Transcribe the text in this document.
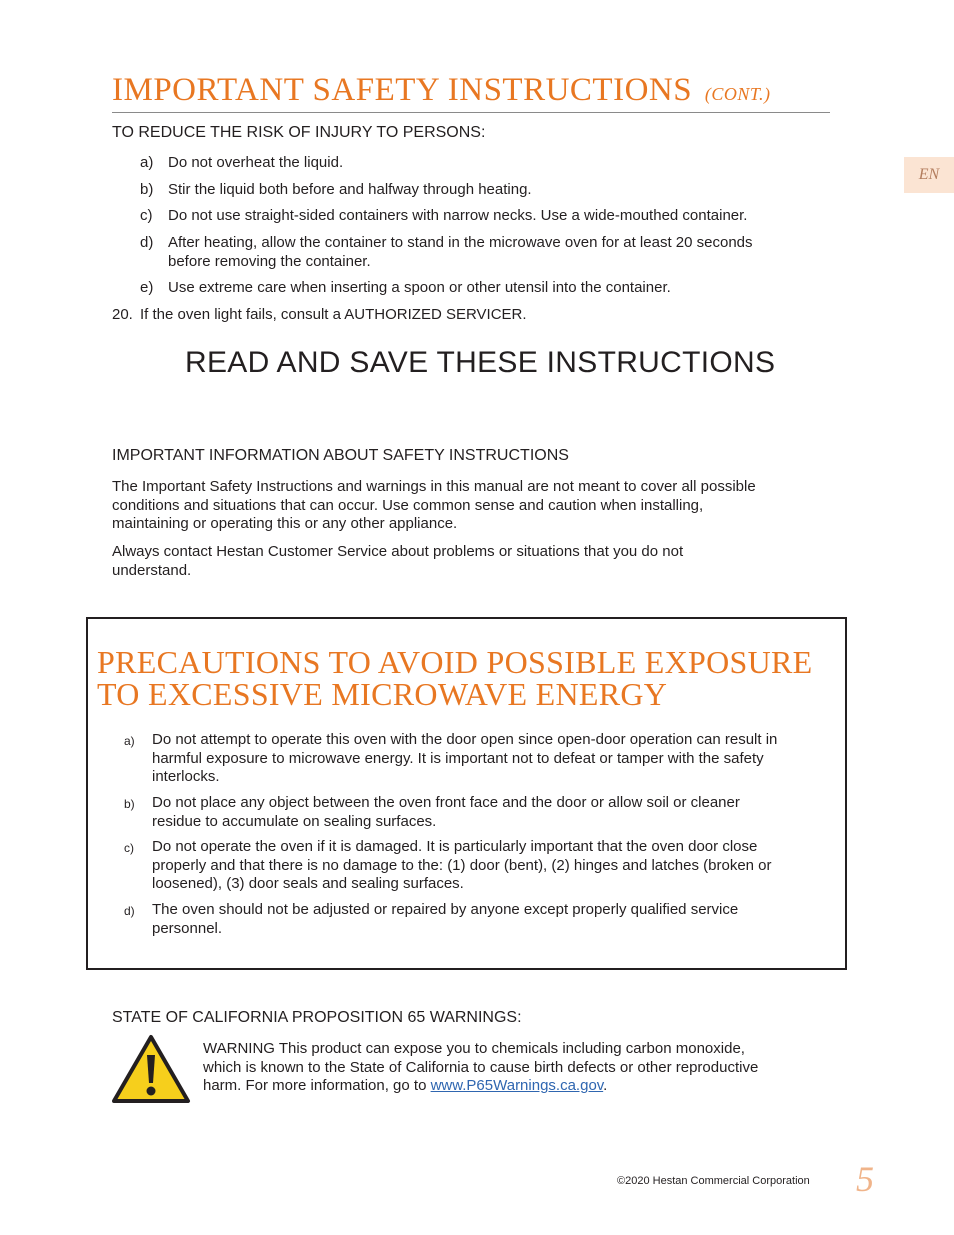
IMPORTANT SAFETY INSTRUCTIONS (CONT.)
EN
TO REDUCE THE RISK OF INJURY TO PERSONS:
a) Do not overheat the liquid.
b) Stir the liquid both before and halfway through heating.
c) Do not use straight-sided containers with narrow necks. Use a wide-mouthed container.
d) After heating, allow the container to stand in the microwave oven for at least 20 seconds
before removing the container.
e) Use extreme care when inserting a spoon or other utensil into the container.
20. If the oven light fails, consult a AUTHORIZED SERVICER.
READ AND SAVE THESE INSTRUCTIONS
IMPORTANT INFORMATION ABOUT SAFETY INSTRUCTIONS
The Important Safety Instructions and warnings in this manual are not meant to cover all possible
conditions and situations that can occur. Use common sense and caution when installing,
maintaining or operating this or any other appliance.
Always contact Hestan Customer Service about problems or situations that you do not
understand.
PRECAUTIONS TO AVOID POSSIBLE EXPOSURE
TO EXCESSIVE MICROWAVE ENERGY
a) Do not attempt to operate this oven with the door open since open-door operation can result in
harmful exposure to microwave energy. It is important not to defeat or tamper with the safety
interlocks.
b) Do not place any object between the oven front face and the door or allow soil or cleaner
residue to accumulate on sealing surfaces.
c) Do not operate the oven if it is damaged. It is particularly important that the oven door close
properly and that there is no damage to the: (1) door (bent), (2) hinges and latches (broken or
loosened), (3) door seals and sealing surfaces.
d) The oven should not be adjusted or repaired by anyone except properly qualified service
personnel.
STATE OF CALIFORNIA PROPOSITION 65 WARNINGS:
WARNING This product can expose you to chemicals including carbon monoxide,
which is known to the State of California to cause birth defects or other reproductive
harm. For more information, go to www.P65Warnings.ca.gov.
©2020 Hestan Commercial Corporation 5
